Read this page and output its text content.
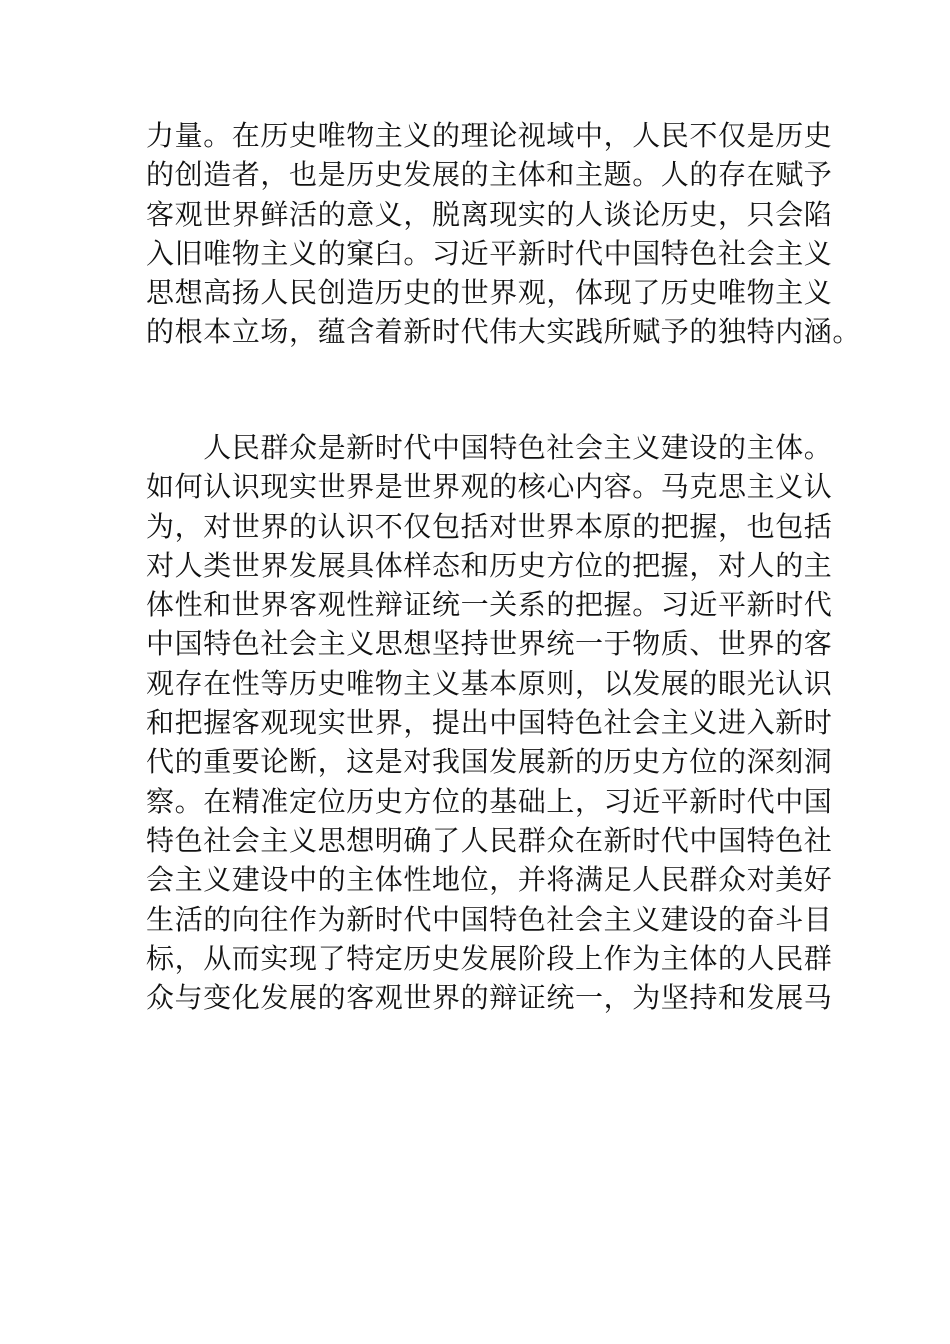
力量。在历史唯物主义的理论视域中，人民不仅是历史
的创造者，也是历史发展的主体和主题。人的存在赋予
客观世界鲜活的意义，脱离现实的人谈论历史，只会陷
入旧唯物主义的窠臼。习近平新时代中国特色社会主义
思想高扬人民创造历史的世界观，体现了历史唯物主义
的根本立场，蕴含着新时代伟大实践所赋予的独特内涵。
　　人民群众是新时代中国特色社会主义建设的主体。
如何认识现实世界是世界观的核心内容。马克思主义认
为，对世界的认识不仅包括对世界本原的把握，也包括
对人类世界发展具体样态和历史方位的把握，对人的主
体性和世界客观性辩证统一关系的把握。习近平新时代
中国特色社会主义思想坚持世界统一于物质、世界的客
观存在性等历史唯物主义基本原则，以发展的眼光认识
和把握客观现实世界，提出中国特色社会主义进入新时
代的重要论断，这是对我国发展新的历史方位的深刻洞
察。在精准定位历史方位的基础上，习近平新时代中国
特色社会主义思想明确了人民群众在新时代中国特色社
会主义建设中的主体性地位，并将满足人民群众对美好
生活的向往作为新时代中国特色社会主义建设的奋斗目
标，从而实现了特定历史发展阶段上作为主体的人民群
众与变化发展的客观世界的辩证统一，为坚持和发展马
